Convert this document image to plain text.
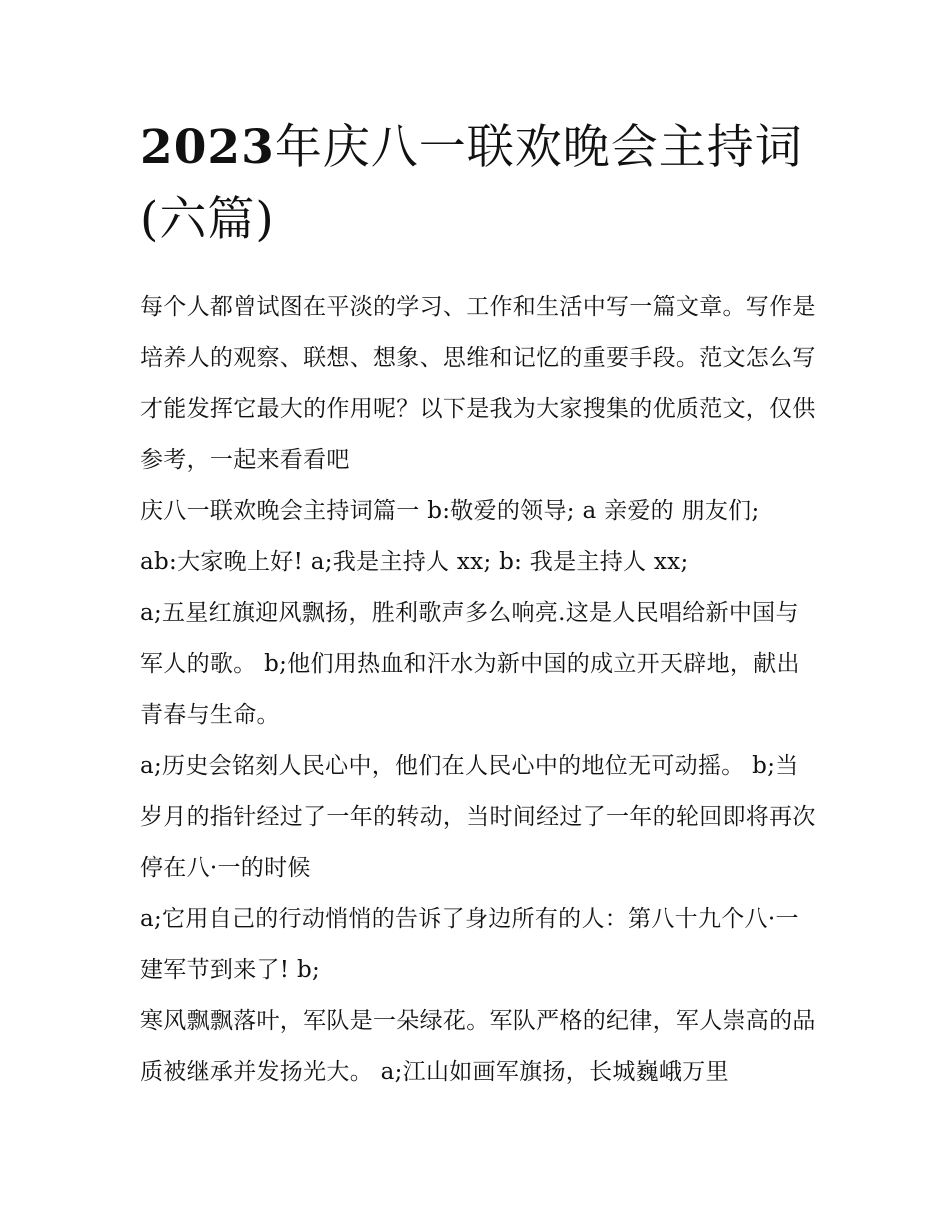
2023年庆八一联欢晚会主持词(六篇)

每个人都曾试图在平淡的学习、工作和生活中写一篇文章。写作是培养人的观察、联想、想象、思维和记忆的重要手段。范文怎么写才能发挥它最大的作用呢？以下是我为大家搜集的优质范文，仅供参考，一起来看看吧

庆八一联欢晚会主持词篇一 b:敬爱的领导; a 亲爱的 朋友们;

ab:大家晚上好! a;我是主持人 xx; b: 我是主持人 xx;

a;五星红旗迎风飘扬，胜利歌声多么响亮.这是人民唱给新中国与军人的歌。 b;他们用热血和汗水为新中国的成立开天辟地，献出青春与生命。

a;历史会铭刻人民心中，他们在人民心中的地位无可动摇。 b;当岁月的指针经过了一年的转动，当时间经过了一年的轮回即将再次停在八·一的时候

a;它用自己的行动悄悄的告诉了身边所有的人：第八十九个八·一建军节到来了! b;

寒风飘飘落叶，军队是一朵绿花。军队严格的纪律，军人崇高的品质被继承并发扬光大。 a;江山如画军旗扬，长城巍峨万里
